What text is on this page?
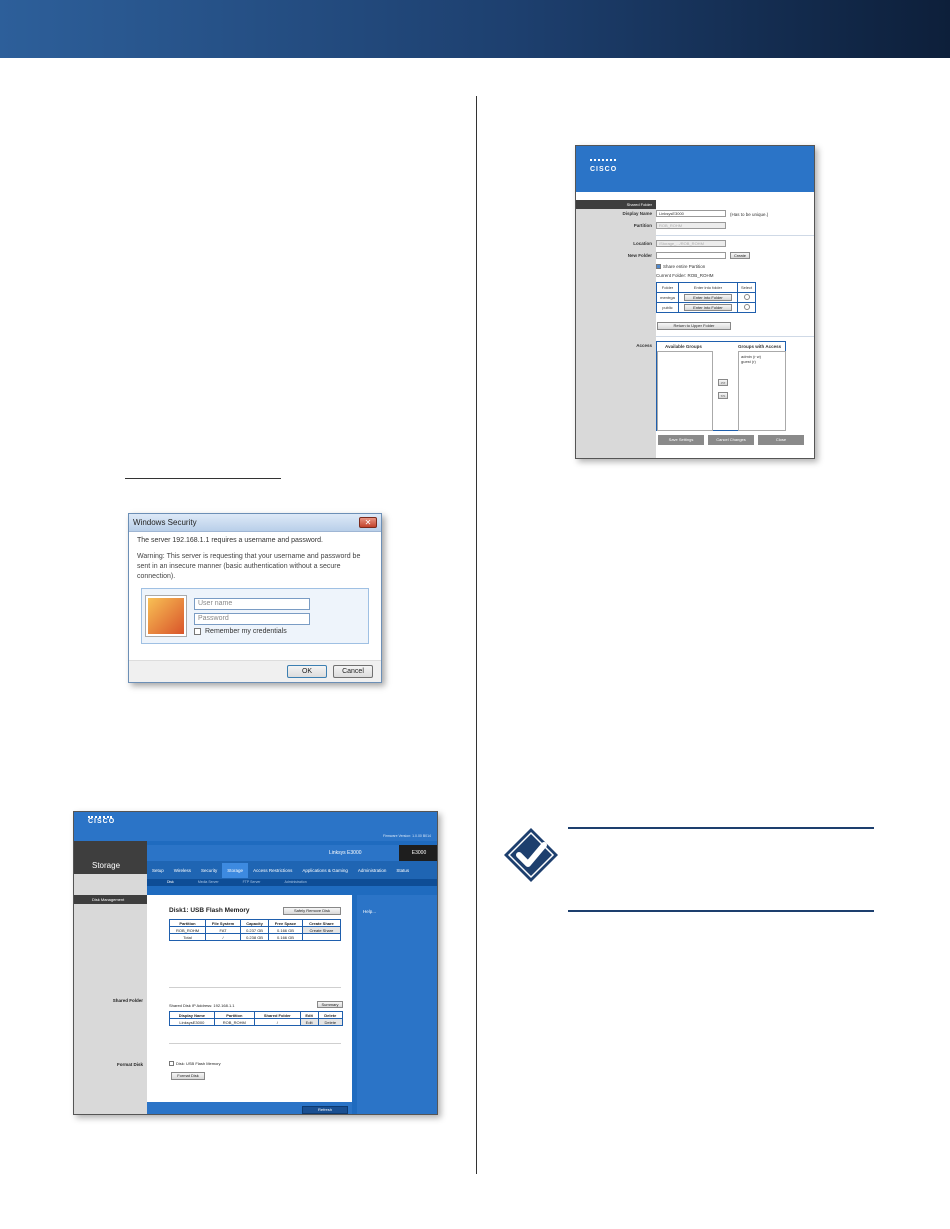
Windows Security	✕
The server 192.168.1.1 requires a username and password.
Warning: This server is requesting that your username and password be sent in an insecure manner (basic authentication without a secure connection).
User name
Password
Remember my credentials
OK	Cancel
CISCO
Firmware Version: 1.0.00 B014
Storage
Disk Management
Shared Folder
Format Disk
Linksys E3000	E3000
Setup	Wireless	Security	Storage	Access Restrictions	Applications & Gaming	Administration	Status
Disk	Media Server	FTP Server	Administration
Disk1: USB Flash Memory	Safely Remove Disk
Partition	File System	Capacity	Free Space	Create Share
ROB_ROHM	FAT	0.237 GB	0.166 GB	Create Share
Total	/	0.238 GB	0.166 GB	
Shared Disk IP Address: 192.168.1.1	Summary
Display Name	Partition	Shared Folder	Edit	Delete
LinksysE3000	ROB_ROHM	/	Edit	Delete
Disk: USB Flash Memory
Format Disk
Help...
Refresh
CISCO
Shared Folder
Display Name	LinksysE3000	(Has to be unique.)
Partition	ROB_ROHM
Location	/Storage_.../ROB_ROHM
New Folder	Create
Share entire Partition
Current Folder: ROB_ROHM
Folder	Enter into folder	Select
mentrga	Enter into Folder	
public	Enter into Folder	
Return to Upper Folder
Access	Available Groups	Groups with Access
admin (r w)
guest (r)
>>
<<
Save Settings	Cancel Changes	Close
